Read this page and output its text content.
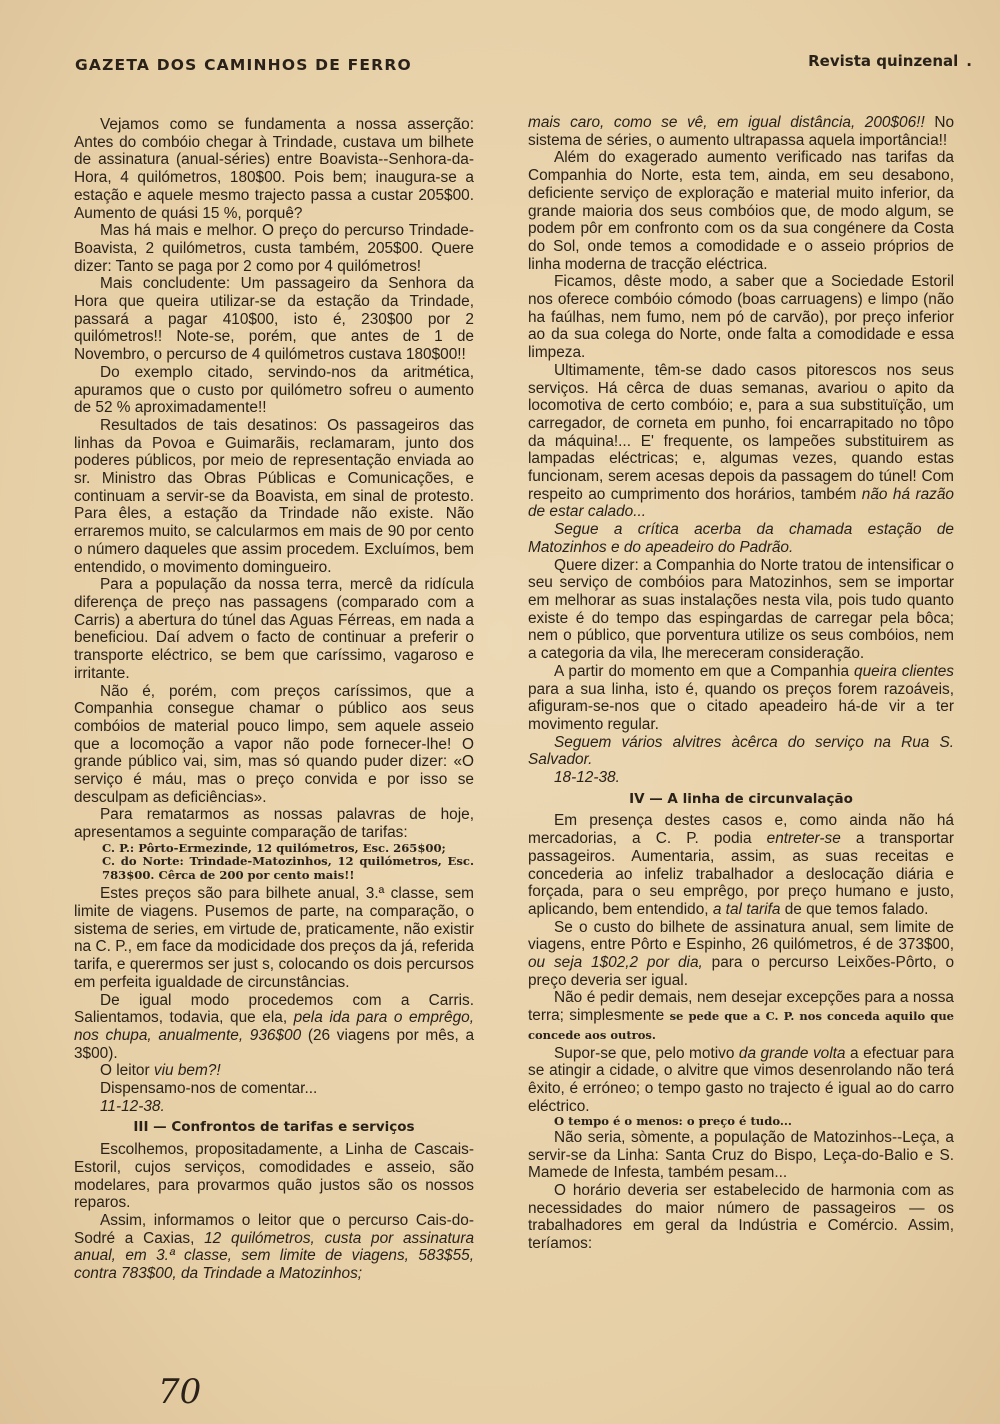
GAZETA DOS CAMINHOS DE FERRO	Revista quinzenal .

Vejamos como se fundamenta a nossa asserção: Antes do combóio chegar à Trindade, custava um bilhete de assinatura (anual-séries) entre Boavista--Senhora-da-Hora, 4 quilómetros, 180$00. Pois bem; inaugura-se a estação e aquele mesmo trajecto passa a custar 205$00. Aumento de quási 15 %, porquê?

Mas há mais e melhor. O preço do percurso Trindade-Boavista, 2 quilómetros, custa também, 205$00. Quere dizer: Tanto se paga por 2 como por 4 quilómetros!

Mais concludente: Um passageiro da Senhora da Hora que queira utilizar-se da estação da Trindade, passará a pagar 410$00, isto é, 230$00 por 2 quilómetros!! Note-se, porém, que antes de 1 de Novembro, o percurso de 4 quilómetros custava 180$00!!

Do exemplo citado, servindo-nos da aritmética, apuramos que o custo por quilómetro sofreu o aumento de 52 % aproximadamente!!

Resultados de tais desatinos: Os passageiros das linhas da Povoa e Guimarãis, reclamaram, junto dos poderes públicos, por meio de representação enviada ao sr. Ministro das Obras Públicas e Comunicações, e continuam a servir-se da Boavista, em sinal de protesto. Para êles, a estação da Trindade não existe. Não erraremos muito, se calcularmos em mais de 90 por cento o número daqueles que assim procedem. Excluímos, bem entendido, o movimento domingueiro.

Para a população da nossa terra, mercê da ridícula diferença de preço nas passagens (comparado com a Carris) a abertura do túnel das Aguas Férreas, em nada a beneficiou. Daí advem o facto de continuar a preferir o transporte eléctrico, se bem que caríssimo, vagaroso e irritante.

Não é, porém, com preços caríssimos, que a Companhia consegue chamar o público aos seus combóios de material pouco limpo, sem aquele asseio que a locomoção a vapor não pode fornecer-lhe! O grande público vai, sim, mas só quando puder dizer: «O serviço é máu, mas o preço convida e por isso se desculpam as deficiências».

Para rematarmos as nossas palavras de hoje, apresentamos a seguinte comparação de tarifas:

C. P.: Pôrto-Ermezinde, 12 quilómetros, Esc. 265$00;

C. do Norte: Trindade-Matozinhos, 12 quilómetros, Esc. 783$00. Cêrca de 200 por cento mais!!

Estes preços são para bilhete anual, 3.ª classe, sem limite de viagens. Pusemos de parte, na comparação, o sistema de series, em virtude de, praticamente, não existir na C. P., em face da modicidade dos preços da já, referida tarifa, e querermos ser just s, colocando os dois percursos em perfeita igualdade de circunstâncias.

De igual modo procedemos com a Carris. Salientamos, todavia, que ela, pela ida para o emprêgo, nos chupa, anualmente, 936$00 (26 viagens por mês, a 3$00).

O leitor viu bem?!

Dispensamo-nos de comentar...

11-12-38.

III — Confrontos de tarifas e serviços

Escolhemos, propositadamente, a Linha de Cascais-Estoril, cujos serviços, comodidades e asseio, são modelares, para provarmos quão justos são os nossos reparos.

Assim, informamos o leitor que o percurso Cais-do-Sodré a Caxias, 12 quilómetros, custa por assinatura anual, em 3.ª classe, sem limite de viagens, 583$55, contra 783$00, da Trindade a Matozinhos;

mais caro, como se vê, em igual distância, 200$06!! No sistema de séries, o aumento ultrapassa aquela importância!!

Além do exagerado aumento verificado nas tarifas da Companhia do Norte, esta tem, ainda, em seu desabono, deficiente serviço de exploração e material muito inferior, da grande maioria dos seus combóios que, de modo algum, se podem pôr em confronto com os da sua congénere da Costa do Sol, onde temos a comodidade e o asseio próprios de linha moderna de tracção eléctrica.

Ficamos, dêste modo, a saber que a Sociedade Estoril nos oferece combóio cómodo (boas carruagens) e limpo (não ha faúlhas, nem fumo, nem pó de carvão), por preço inferior ao da sua colega do Norte, onde falta a comodidade e essa limpeza.

Ultimamente, têm-se dado casos pitorescos nos seus serviços. Há cêrca de duas semanas, avariou o apito da locomotiva de certo combóio; e, para a sua substituïção, um carregador, de corneta em punho, foi encarrapitado no tôpo da máquina!... E' frequente, os lampeões substituirem as lampadas eléctricas; e, algumas vezes, quando estas funcionam, serem acesas depois da passagem do túnel! Com respeito ao cumprimento dos horários, também não há razão de estar calado...

Segue a crítica acerba da chamada estação de Matozinhos e do apeadeiro do Padrão.

Quere dizer: a Companhia do Norte tratou de intensificar o seu serviço de combóios para Matozinhos, sem se importar em melhorar as suas instalações nesta vila, pois tudo quanto existe é do tempo das espingardas de carregar pela bôca; nem o público, que porventura utilize os seus combóios, nem a categoria da vila, lhe mereceram consideração.

A partir do momento em que a Companhia queira clientes para a sua linha, isto é, quando os preços forem razoáveis, afiguram-se-nos que o citado apeadeiro há-de vir a ter movimento regular.

Seguem vários alvitres àcêrca do serviço na Rua S. Salvador.

18-12-38.

IV — A linha de circunvalação

Em presença destes casos e, como ainda não há mercadorias, a C. P. podia entreter-se a transportar passageiros. Aumentaria, assim, as suas receitas e concederia ao infeliz trabalhador a deslocação diária e forçada, para o seu emprêgo, por preço humano e justo, aplicando, bem entendido, a tal tarifa de que temos falado.

Se o custo do bilhete de assinatura anual, sem limite de viagens, entre Pôrto e Espinho, 26 quilómetros, é de 373$00, ou seja 1$02,2 por dia, para o percurso Leixões-Pôrto, o preço deveria ser igual.

Não é pedir demais, nem desejar excepções para a nossa terra; simplesmente se pede que a C. P. nos conceda aquilo que concede aos outros.

Supor-se que, pelo motivo da grande volta a efectuar para se atingir a cidade, o alvitre que vimos desenrolando não terá êxito, é erróneo; o tempo gasto no trajecto é igual ao do carro eléctrico.

O tempo é o menos: o preço é tudo...

Não seria, sòmente, a população de Matozinhos--Leça, a servir-se da Linha: Santa Cruz do Bispo, Leça-do-Balio e S. Mamede de Infesta, também pesam...

O horário deveria ser estabelecido de harmonia com as necessidades do maior número de passageiros — os trabalhadores em geral da Indústria e Comércio. Assim, teríamos:

70
